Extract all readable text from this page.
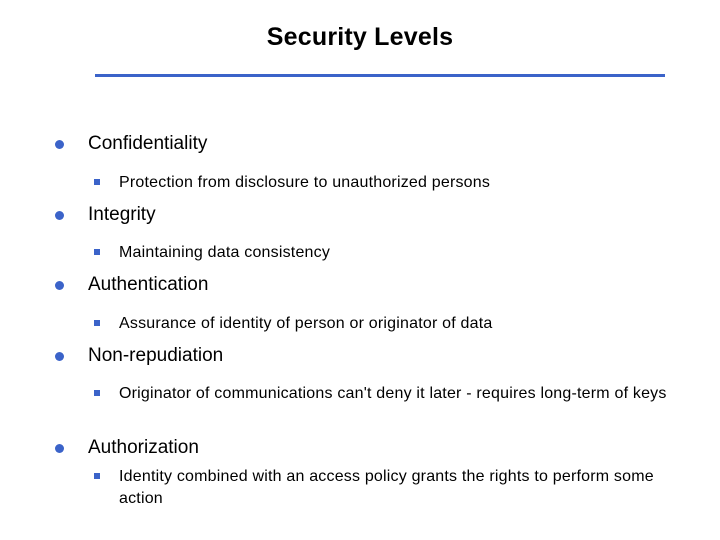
Security Levels
Confidentiality
Protection from disclosure to unauthorized persons
Integrity
Maintaining data consistency
Authentication
Assurance of identity of person or originator of data
Non-repudiation
Originator of communications can't deny it later - requires long-term of keys
Authorization
Identity combined with an access policy grants the rights to perform some action
